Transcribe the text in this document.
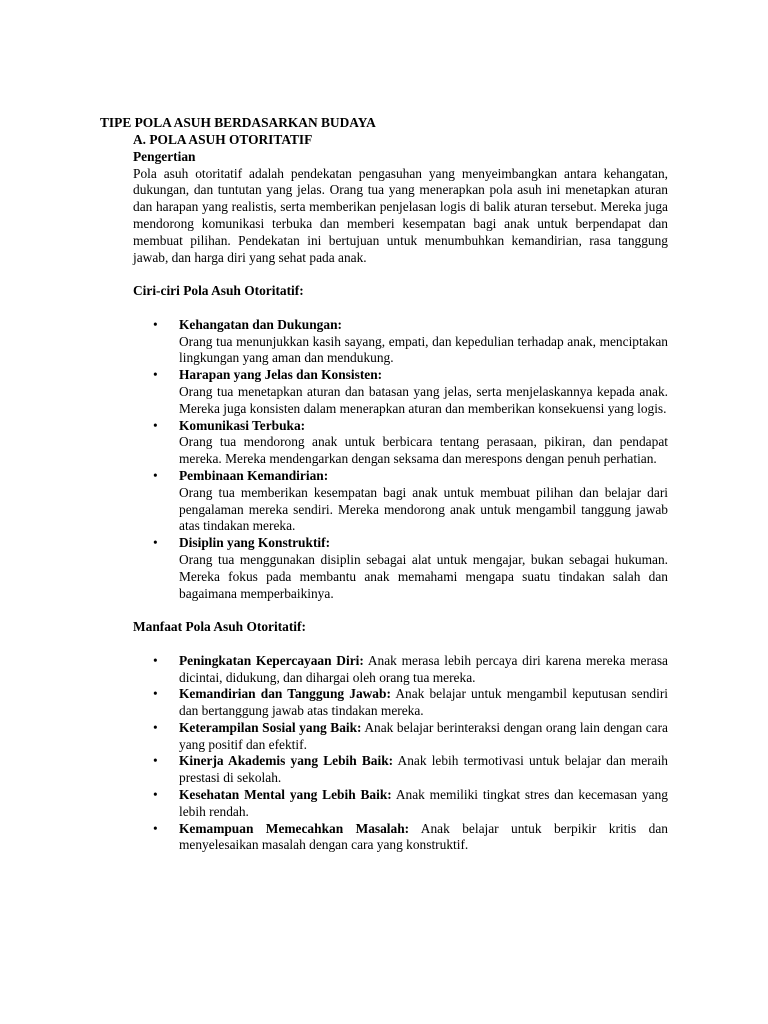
TIPE POLA ASUH BERDASARKAN BUDAYA
A. POLA ASUH OTORITATIF
Pengertian
Pola asuh otoritatif adalah pendekatan pengasuhan yang menyeimbangkan antara kehangatan, dukungan, dan tuntutan yang jelas. Orang tua yang menerapkan pola asuh ini menetapkan aturan dan harapan yang realistis, serta memberikan penjelasan logis di balik aturan tersebut. Mereka juga mendorong komunikasi terbuka dan memberi kesempatan bagi anak untuk berpendapat dan membuat pilihan. Pendekatan ini bertujuan untuk menumbuhkan kemandirian, rasa tanggung jawab, dan harga diri yang sehat pada anak.
Ciri-ciri Pola Asuh Otoritatif:
• Kehangatan dan Dukungan:
Orang tua menunjukkan kasih sayang, empati, dan kepedulian terhadap anak, menciptakan lingkungan yang aman dan mendukung.
• Harapan yang Jelas dan Konsisten:
Orang tua menetapkan aturan dan batasan yang jelas, serta menjelaskannya kepada anak. Mereka juga konsisten dalam menerapkan aturan dan memberikan konsekuensi yang logis.
• Komunikasi Terbuka:
Orang tua mendorong anak untuk berbicara tentang perasaan, pikiran, dan pendapat mereka. Mereka mendengarkan dengan seksama dan merespons dengan penuh perhatian.
• Pembinaan Kemandirian:
Orang tua memberikan kesempatan bagi anak untuk membuat pilihan dan belajar dari pengalaman mereka sendiri. Mereka mendorong anak untuk mengambil tanggung jawab atas tindakan mereka.
• Disiplin yang Konstruktif:
Orang tua menggunakan disiplin sebagai alat untuk mengajar, bukan sebagai hukuman. Mereka fokus pada membantu anak memahami mengapa suatu tindakan salah dan bagaimana memperbaikinya.
Manfaat Pola Asuh Otoritatif:
• Peningkatan Kepercayaan Diri: Anak merasa lebih percaya diri karena mereka merasa dicintai, didukung, dan dihargai oleh orang tua mereka.
• Kemandirian dan Tanggung Jawab: Anak belajar untuk mengambil keputusan sendiri dan bertanggung jawab atas tindakan mereka.
• Keterampilan Sosial yang Baik: Anak belajar berinteraksi dengan orang lain dengan cara yang positif dan efektif.
• Kinerja Akademis yang Lebih Baik: Anak lebih termotivasi untuk belajar dan meraih prestasi di sekolah.
• Kesehatan Mental yang Lebih Baik: Anak memiliki tingkat stres dan kecemasan yang lebih rendah.
• Kemampuan Memecahkan Masalah: Anak belajar untuk berpikir kritis dan menyelesaikan masalah dengan cara yang konstruktif.
